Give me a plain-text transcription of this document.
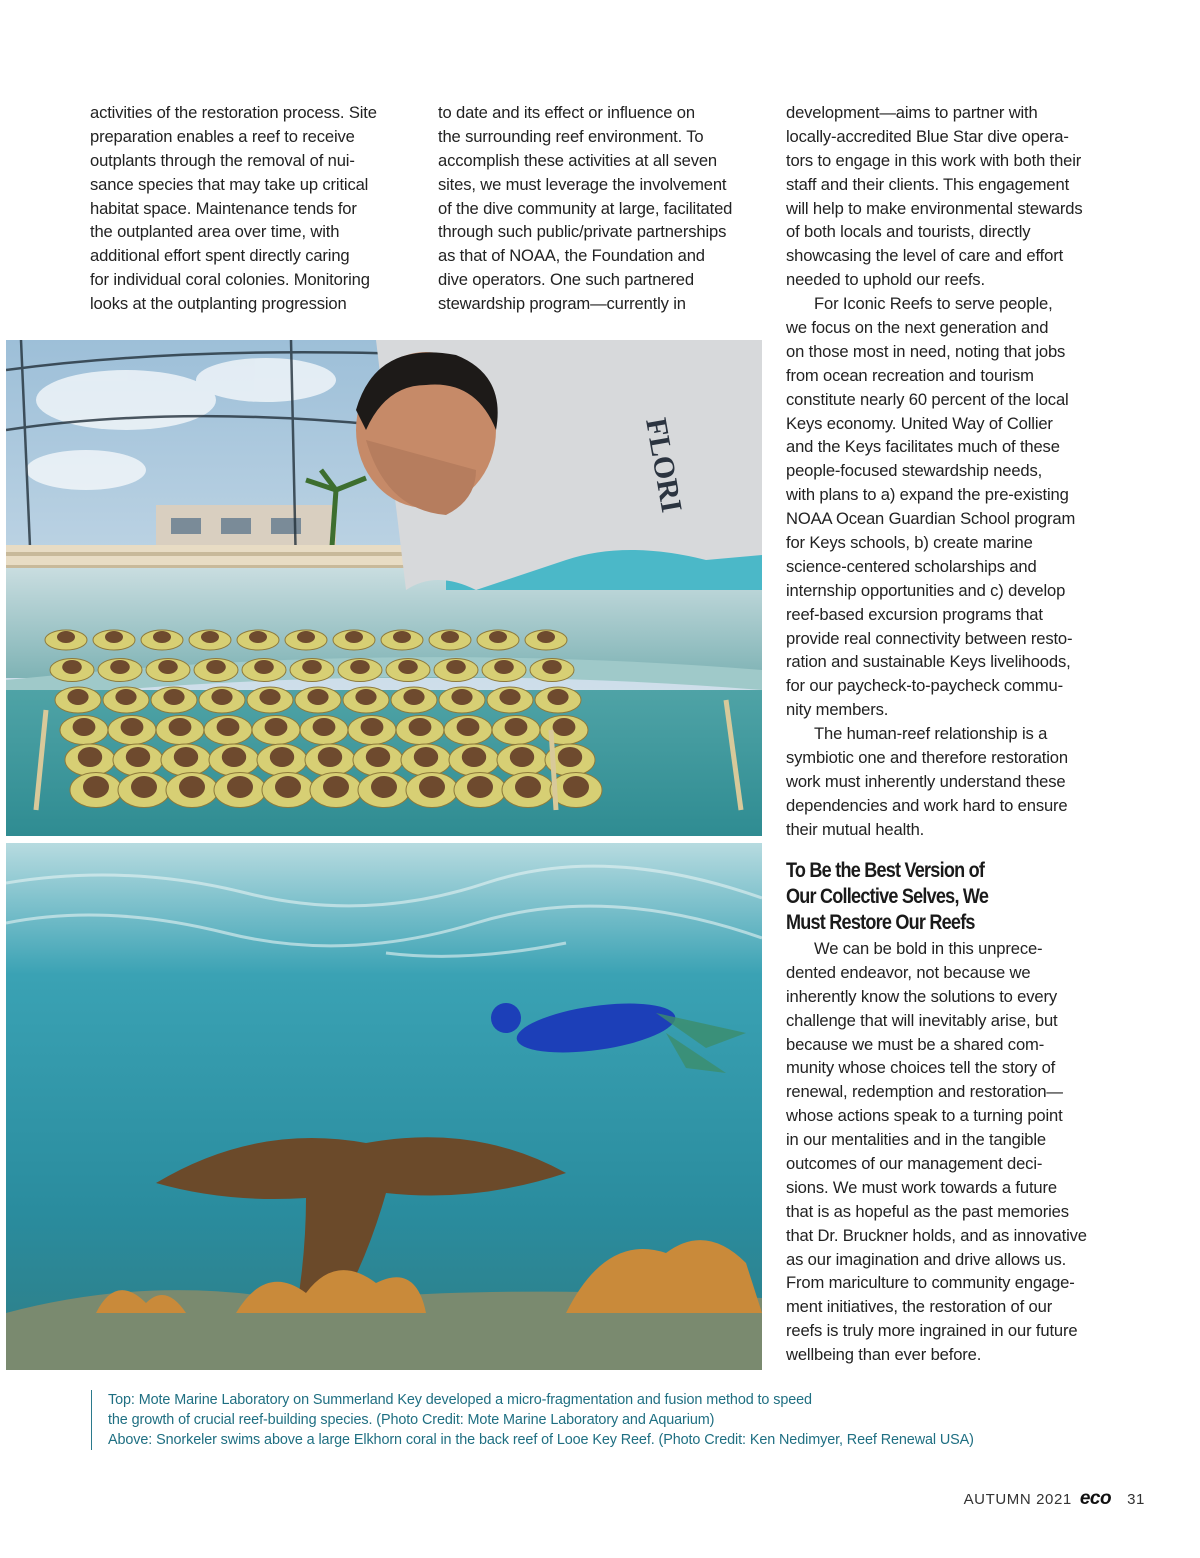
activities of the restoration process. Site
preparation enables a reef to receive
outplants through the removal of nui-
sance species that may take up critical
habitat space. Maintenance tends for
the outplanted area over time, with
additional effort spent directly caring
for individual coral colonies. Monitoring
looks at the outplanting progression
to date and its effect or influence on
the surrounding reef environment. To
accomplish these activities at all seven
sites, we must leverage the involvement
of the dive community at large, facilitated
through such public/private partnerships
as that of NOAA, the Foundation and
dive operators. One such partnered
stewardship program—currently in
development—aims to partner with
locally-accredited Blue Star dive opera-
tors to engage in this work with both their
staff and their clients. This engagement
will help to make environmental stewards
of both locals and tourists, directly
showcasing the level of care and effort
needed to uphold our reefs.
For Iconic Reefs to serve people,
we focus on the next generation and
on those most in need, noting that jobs
from ocean recreation and tourism
constitute nearly 60 percent of the local
Keys economy. United Way of Collier
and the Keys facilitates much of these
people-focused stewardship needs,
with plans to a) expand the pre-existing
NOAA Ocean Guardian School program
for Keys schools, b) create marine
science-centered scholarships and
internship opportunities and c) develop
reef-based excursion programs that
provide real connectivity between resto-
ration and sustainable Keys livelihoods,
for our paycheck-to-paycheck commu-
nity members.
The human-reef relationship is a
symbiotic one and therefore restoration
work must inherently understand these
dependencies and work hard to ensure
their mutual health.
To Be the Best Version of
Our Collective Selves, We
Must Restore Our Reefs
We can be bold in this unprece-
dented endeavor, not because we
inherently know the solutions to every
challenge that will inevitably arise, but
because we must be a shared com-
munity whose choices tell the story of
renewal, redemption and restoration—
whose actions speak to a turning point
in our mentalities and in the tangible
outcomes of our management deci-
sions. We must work towards a future
that is as hopeful as the past memories
that Dr. Bruckner holds, and as innovative
as our imagination and drive allows us.
From mariculture to community engage-
ment initiatives, the restoration of our
reefs is truly more ingrained in our future
wellbeing than ever before.
FLORI
Top: Mote Marine Laboratory on Summerland Key developed a micro-fragmentation and fusion method to speed
the growth of crucial reef-building species. (Photo Credit: Mote Marine Laboratory and Aquarium)
Above: Snorkeler swims above a large Elkhorn coral in the back reef of Looe Key Reef. (Photo Credit: Ken Nedimyer, Reef Renewal USA)
AUTUMN 2021 eco 31
